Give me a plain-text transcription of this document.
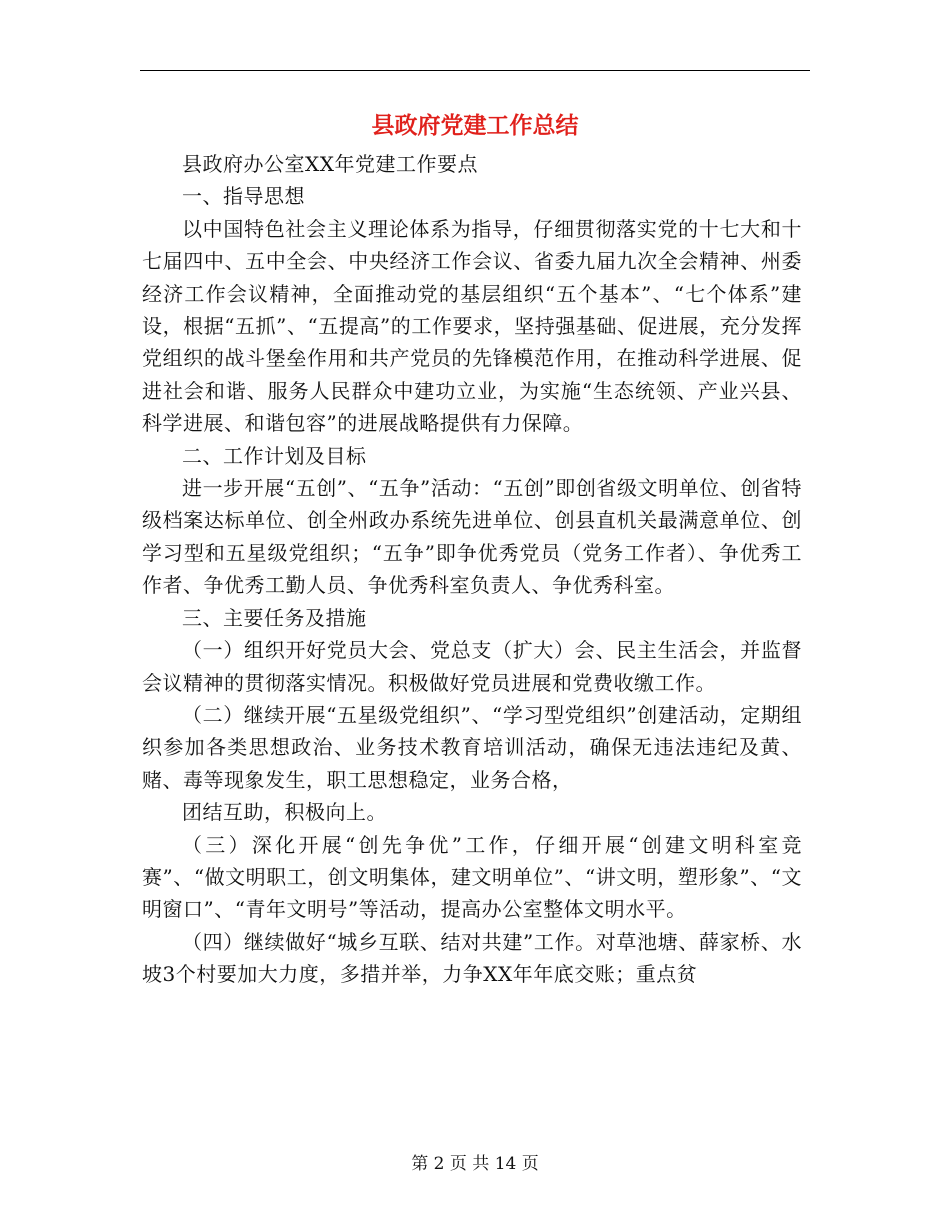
县政府党建工作总结

县政府办公室XX年党建工作要点

一、指导思想

以中国特色社会主义理论体系为指导，仔细贯彻落实党的十七大和十七届四中、五中全会、中央经济工作会议、省委九届九次全会精神、州委经济工作会议精神，全面推动党的基层组织“五个基本”、“七个体系”建设，根据“五抓”、“五提高”的工作要求，坚持强基础、促进展，充分发挥党组织的战斗堡垒作用和共产党员的先锋模范作用，在推动科学进展、促进社会和谐、服务人民群众中建功立业，为实施“生态统领、产业兴县、科学进展、和谐包容”的进展战略提供有力保障。

二、工作计划及目标

进一步开展“五创”、“五争”活动：“五创”即创省级文明单位、创省特级档案达标单位、创全州政办系统先进单位、创县直机关最满意单位、创学习型和五星级党组织；“五争”即争优秀党员（党务工作者）、争优秀工作者、争优秀工勤人员、争优秀科室负责人、争优秀科室。

三、主要任务及措施

（一）组织开好党员大会、党总支（扩大）会、民主生活会，并监督会议精神的贯彻落实情况。积极做好党员进展和党费收缴工作。

（二）继续开展“五星级党组织”、“学习型党组织”创建活动，定期组织参加各类思想政治、业务技术教育培训活动，确保无违法违纪及黄、赌、毒等现象发生，职工思想稳定，业务合格，

团结互助，积极向上。

（三）深化开展“创先争优”工作，仔细开展“创建文明科室竞赛”、“做文明职工，创文明集体，建文明单位”、“讲文明，塑形象”、“文明窗口”、“青年文明号”等活动，提高办公室整体文明水平。

（四）继续做好“城乡互联、结对共建”工作。对草池塘、薛家桥、水坡3个村要加大力度，多措并举，力争XX年年底交账；重点贫

第 2 页 共 14 页
